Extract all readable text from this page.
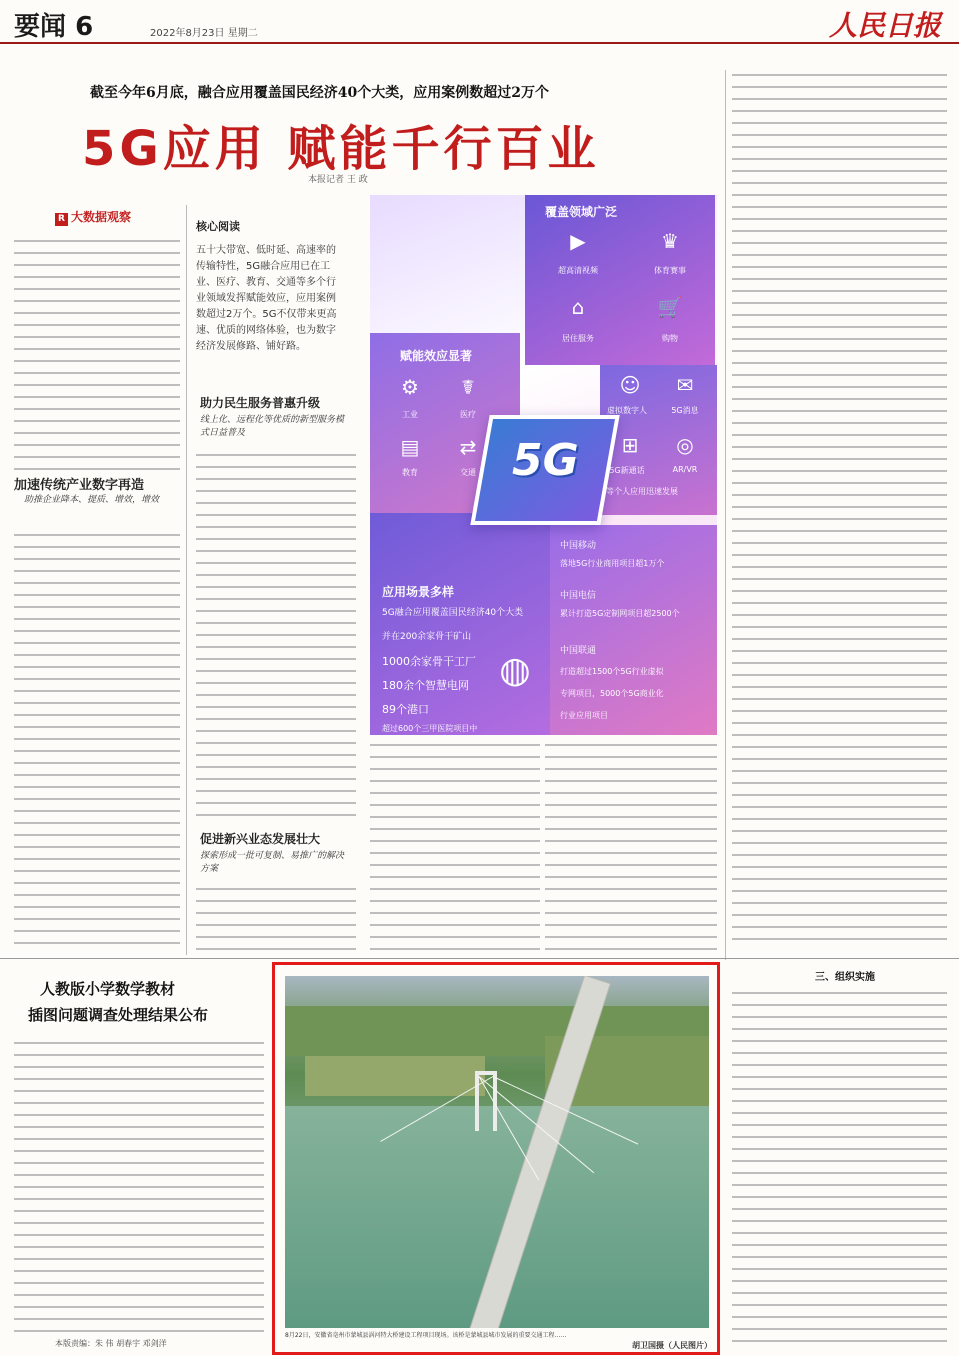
要闻 6	2022年8月23日 星期二	人民日报
截至今年6月底，融合应用覆盖国民经济40个大类，应用案例数超过2万个
5G应用 赋能千行百业
本报记者 王 政
R 大数据观察
加速传统产业数字再造
助推企业降本、提质、增效，增效
核心阅读
五十大带宽、低时延、高速率的传输特性，5G融合应用已在工业、医疗、教育、交通等多个行业领域发挥赋能效应，应用案例数超过2万个。5G不仅带来更高速、优质的网络体验，也为数字经济发展修路、铺好路。
助力民生服务普惠升级
线上化、远程化等优质的新型服务模式日益普及
促进新兴业态发展壮大
探索形成一批可复制、易推广的解决方案
覆盖领域广泛
▶
超高清视频
♛
体育赛事
⌂
居住服务
🛒
购物
赋能效应显著
⚙
工业
☤
医疗
▤
教育
⇄
交通
☺
虚拟数字人
✉
5G消息
⊞
5G新通话
◎
AR/VR
等个人应用迅速发展
5G
应用场景多样
5G融合应用覆盖国民经济40个大类
并在200余家骨干矿山
1000余家骨干工厂
180余个智慧电网
89个港口
超过600个三甲医院项目中
◍
中国移动
落地5G行业商用项目超1万个
中国电信
累计打造5G定制网项目超2500个
中国联通
打造超过1500个5G行业虚拟
专网项目，5000个5G商业化
行业应用项目
人教版小学数学教材
插图问题调查处理结果公布
本版责编：朱 伟 胡春宇 邓剑洋
8月22日，安徽省亳州市蒙城县涡河特大桥建设工程项目现场。该桥是蒙城县城市发展的重要交通工程……
胡卫国摄（人民图片）
三、组织实施
